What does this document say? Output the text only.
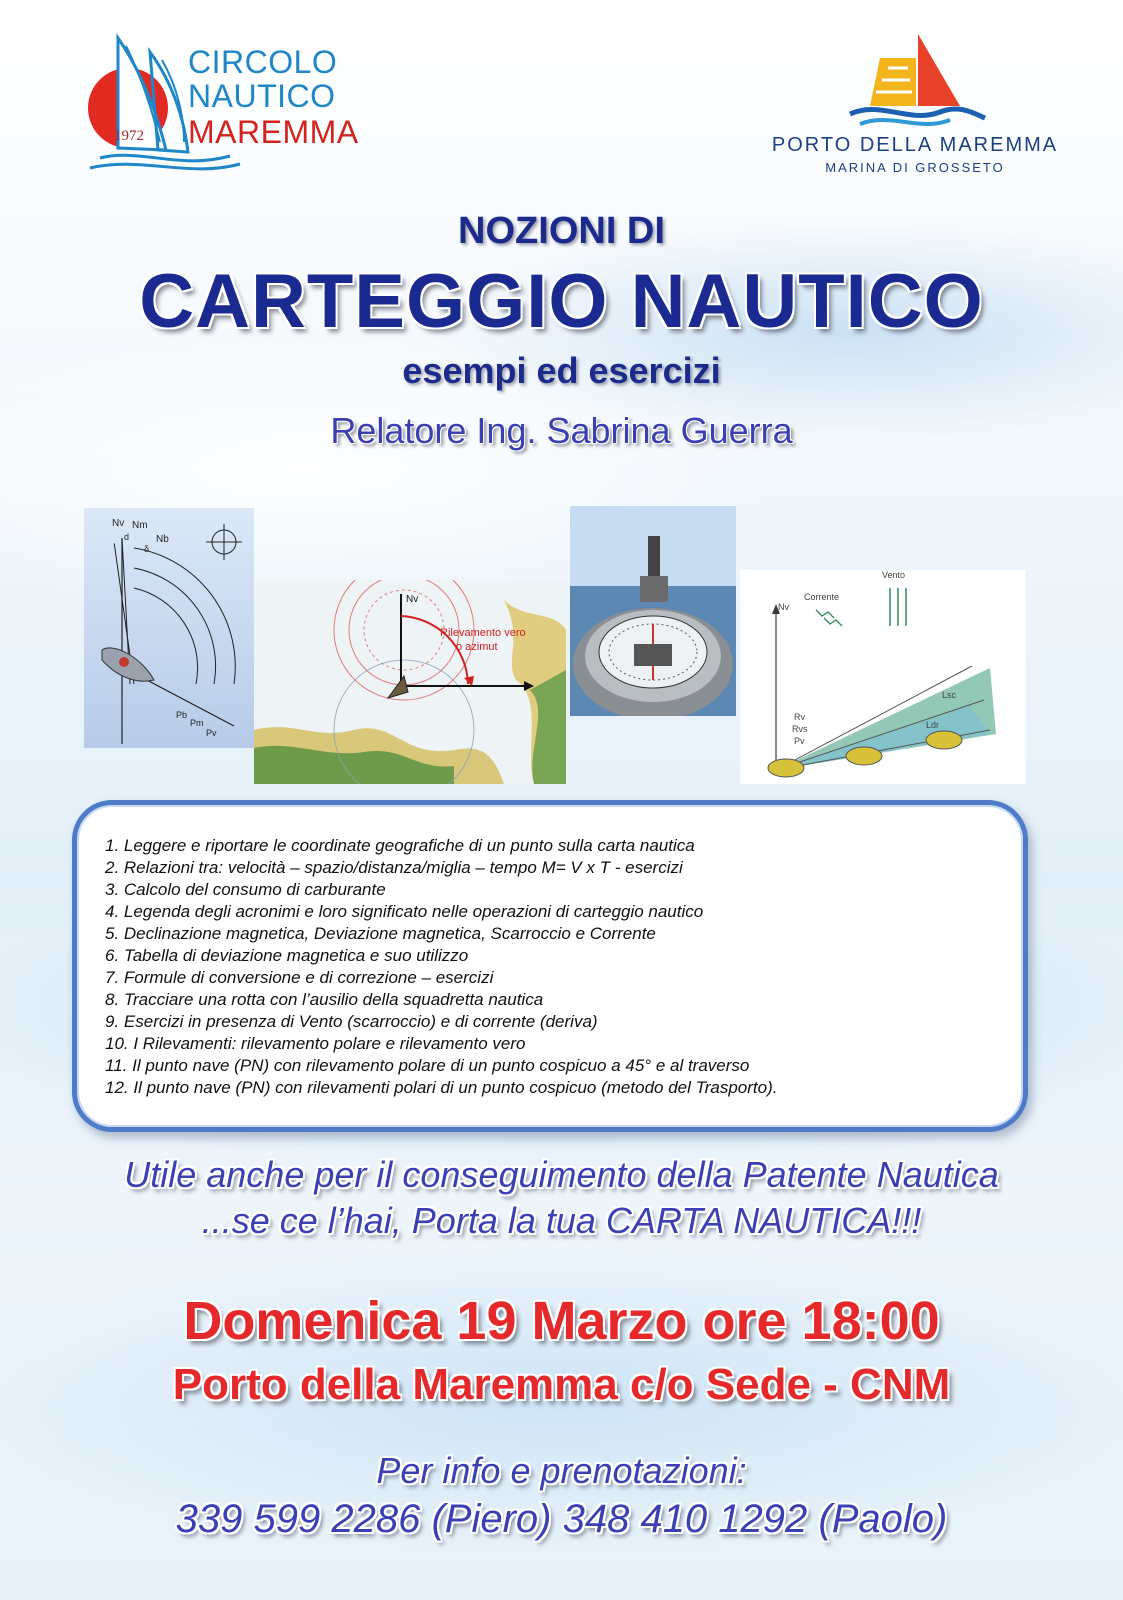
1972
CIRCOLO
NAUTICO
MAREMMA	PORTO DELLA MAREMMA
MARINA DI GROSSETO
NOZIONI DI
CARTEGGIO NAUTICO
esempi ed esercizi
Relatore Ing. Sabrina Guerra
Nv Nm
Nb
d
δ
Pb
Pm
Pv
Nv
Rilevamento vero
o azimut
Vento
Corrente
Nv
Lsc
Ldr
Rv
Rvs
Pv
1. Leggere e riportare le coordinate geografiche di un punto sulla carta nautica
2. Relazioni tra: velocità – spazio/distanza/miglia – tempo M= V x T - esercizi
3. Calcolo del consumo di carburante
4. Legenda degli acronimi e loro significato nelle operazioni di carteggio nautico
5. Declinazione magnetica, Deviazione magnetica, Scarroccio e Corrente
6. Tabella di deviazione magnetica e suo utilizzo
7. Formule di conversione e di correzione – esercizi
8. Tracciare una rotta con l’ausilio della squadretta nautica
9. Esercizi in presenza di Vento (scarroccio) e di corrente (deriva)
10. I Rilevamenti: rilevamento polare e rilevamento vero
11. Il punto nave (PN) con rilevamento polare di un punto cospicuo a 45° e al traverso
12. Il punto nave (PN) con rilevamenti polari di un punto cospicuo (metodo del Trasporto).
Utile anche per il conseguimento della Patente Nautica
...se ce l’hai, Porta la tua CARTA NAUTICA!!!
Domenica 19 Marzo ore 18:00
Porto della Maremma c/o Sede - CNM
Per info e prenotazioni:
339 599 2286 (Piero) 348 410 1292 (Paolo)
